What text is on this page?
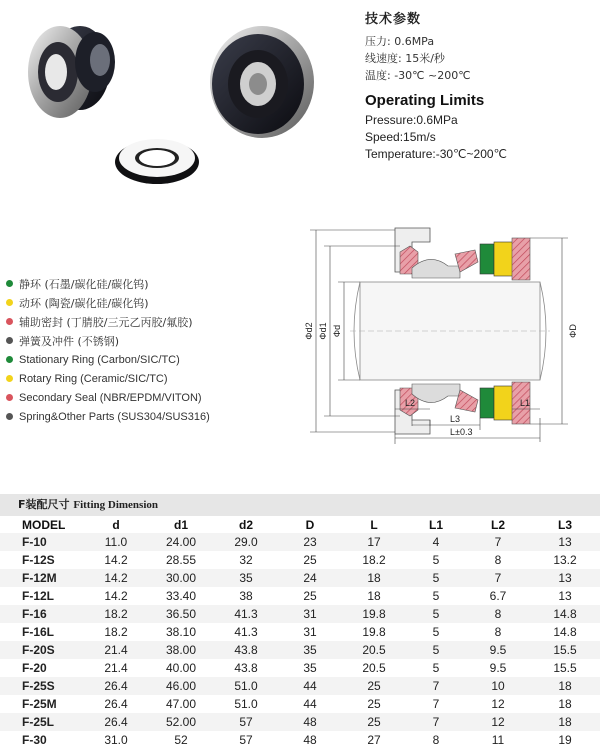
技术参数
压力: 0.6MPa
线速度: 15米/秒
温度: -30℃ ~200℃
Operating Limits
Pressure:0.6MPa
Speed:15m/s
Temperature:-30℃~200℃
静环 (石墨/碳化硅/碳化钨)
动环 (陶瓷/碳化硅/碳化钨)
辅助密封 (丁腈胶/三元乙丙胶/氟胶)
弹簧及冲件 (不锈钢)
Stationary Ring (Carbon/SIC/TC)
Rotary Ring (Ceramic/SIC/TC)
Secondary Seal (NBR/EPDM/VITON)
Spring&Other Parts (SUS304/SUS316)
Φd2 Φd1 Φd	ΦD
L2
L3
L1
L±0.3
F装配尺寸 Fitting Dimension
MODEL	d	d1	d2	D	L	L1	L2	L3
F-10	11.0	24.00	29.0	23	17	4	7	13
F-12S	14.2	28.55	32	25	18.2	5	8	13.2
F-12M	14.2	30.00	35	24	18	5	7	13
F-12L	14.2	33.40	38	25	18	5	6.7	13
F-16	18.2	36.50	41.3	31	19.8	5	8	14.8
F-16L	18.2	38.10	41.3	31	19.8	5	8	14.8
F-20S	21.4	38.00	43.8	35	20.5	5	9.5	15.5
F-20	21.4	40.00	43.8	35	20.5	5	9.5	15.5
F-25S	26.4	46.00	51.0	44	25	7	10	18
F-25M	26.4	47.00	51.0	44	25	7	12	18
F-25L	26.4	52.00	57	48	25	7	12	18
F-30	31.0	52	57	48	27	8	11	19
